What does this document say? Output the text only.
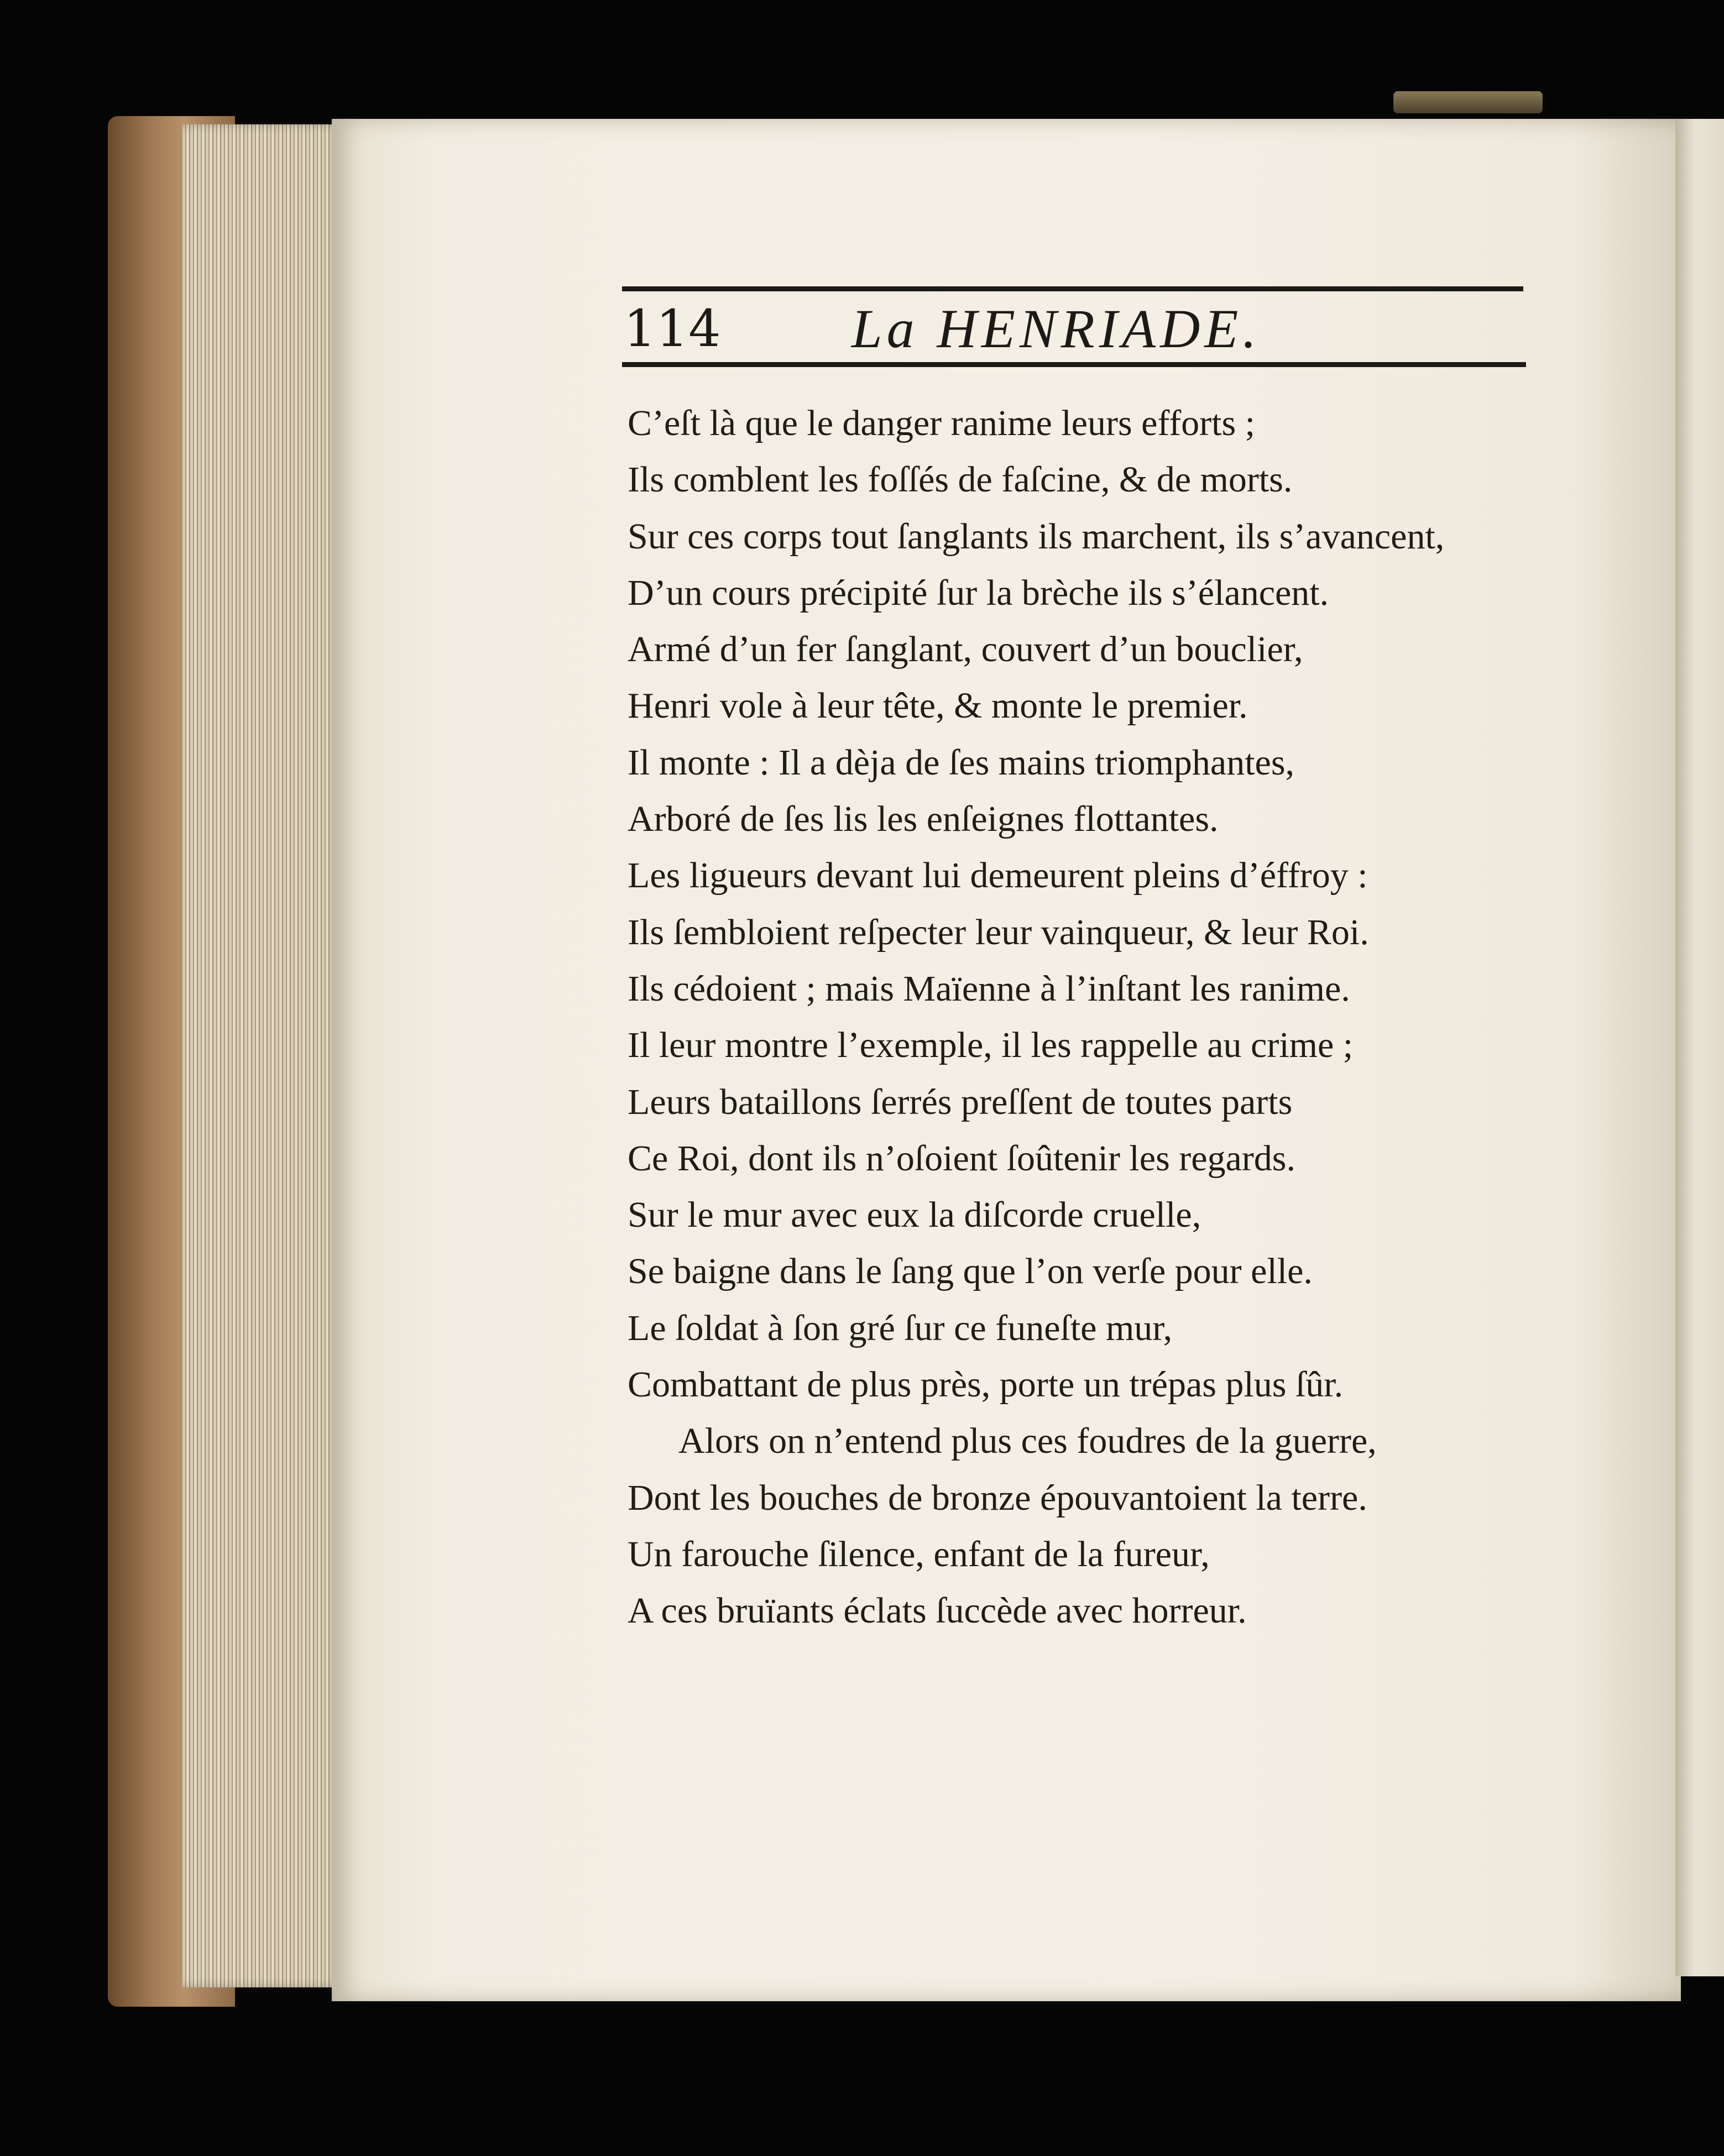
114 La HENRIADE.
C’eſt là que le danger ranime leurs efforts ;
Ils comblent les foſſés de faſcine, & de morts.
Sur ces corps tout ſanglants ils marchent, ils s’avancent,
D’un cours précipité ſur la brèche ils s’élancent.
Armé d’un fer ſanglant, couvert d’un bouclier,
Henri vole à leur tête, & monte le premier.
Il monte : Il a dèja de ſes mains triomphantes,
Arboré de ſes lis les enſeignes flottantes.
Les ligueurs devant lui demeurent pleins d’éffroy :
Ils ſembloient reſpecter leur vainqueur, & leur Roi.
Ils cédoient ; mais Maïenne à l’inſtant les ranime.
Il leur montre l’exemple, il les rappelle au crime ;
Leurs bataillons ſerrés preſſent de toutes parts
Ce Roi, dont ils n’oſoient ſoûtenir les regards.
Sur le mur avec eux la diſcorde cruelle,
Se baigne dans le ſang que l’on verſe pour elle.
Le ſoldat à ſon gré ſur ce funeſte mur,
Combattant de plus près, porte un trépas plus ſûr.
Alors on n’entend plus ces foudres de la guerre,
Dont les bouches de bronze épouvantoient la terre.
Un farouche ſilence, enfant de la fureur,
A ces bruïants éclats ſuccède avec horreur.
